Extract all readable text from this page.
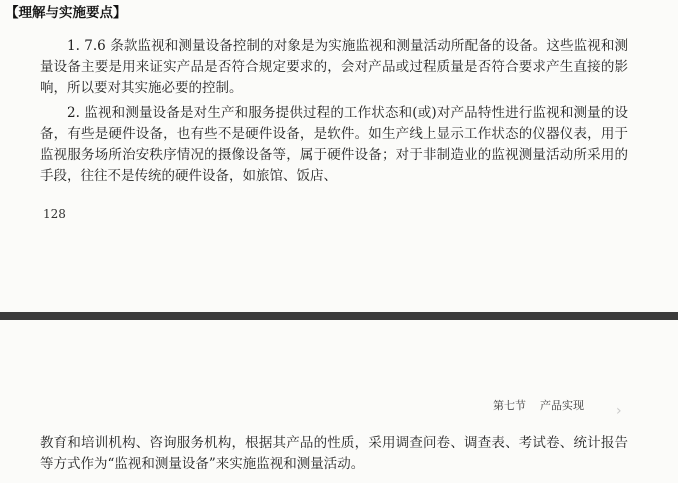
【理解与实施要点】

1. 7.6 条款监视和测量设备控制的对象是为实施监视和测量活动所配备的设备。这些监视和测量设备主要是用来证实产品是否符合规定要求的，会对产品或过程质量是否符合要求产生直接的影响，所以要对其实施必要的控制。

2. 监视和测量设备是对生产和服务提供过程的工作状态和(或)对产品特性进行监视和测量的设备，有些是硬件设备，也有些不是硬件设备，是软件。如生产线上显示工作状态的仪器仪表，用于监视服务场所治安秩序情况的摄像设备等，属于硬件设备；对于非制造业的监视测量活动所采用的手段，往往不是传统的硬件设备，如旅馆、饭店、

128
第七节 产品实现 ›

教育和培训机构、咨询服务机构，根据其产品的性质，采用调查问卷、调查表、考试卷、统计报告等方式作为“监视和测量设备”来实施监视和测量活动。
